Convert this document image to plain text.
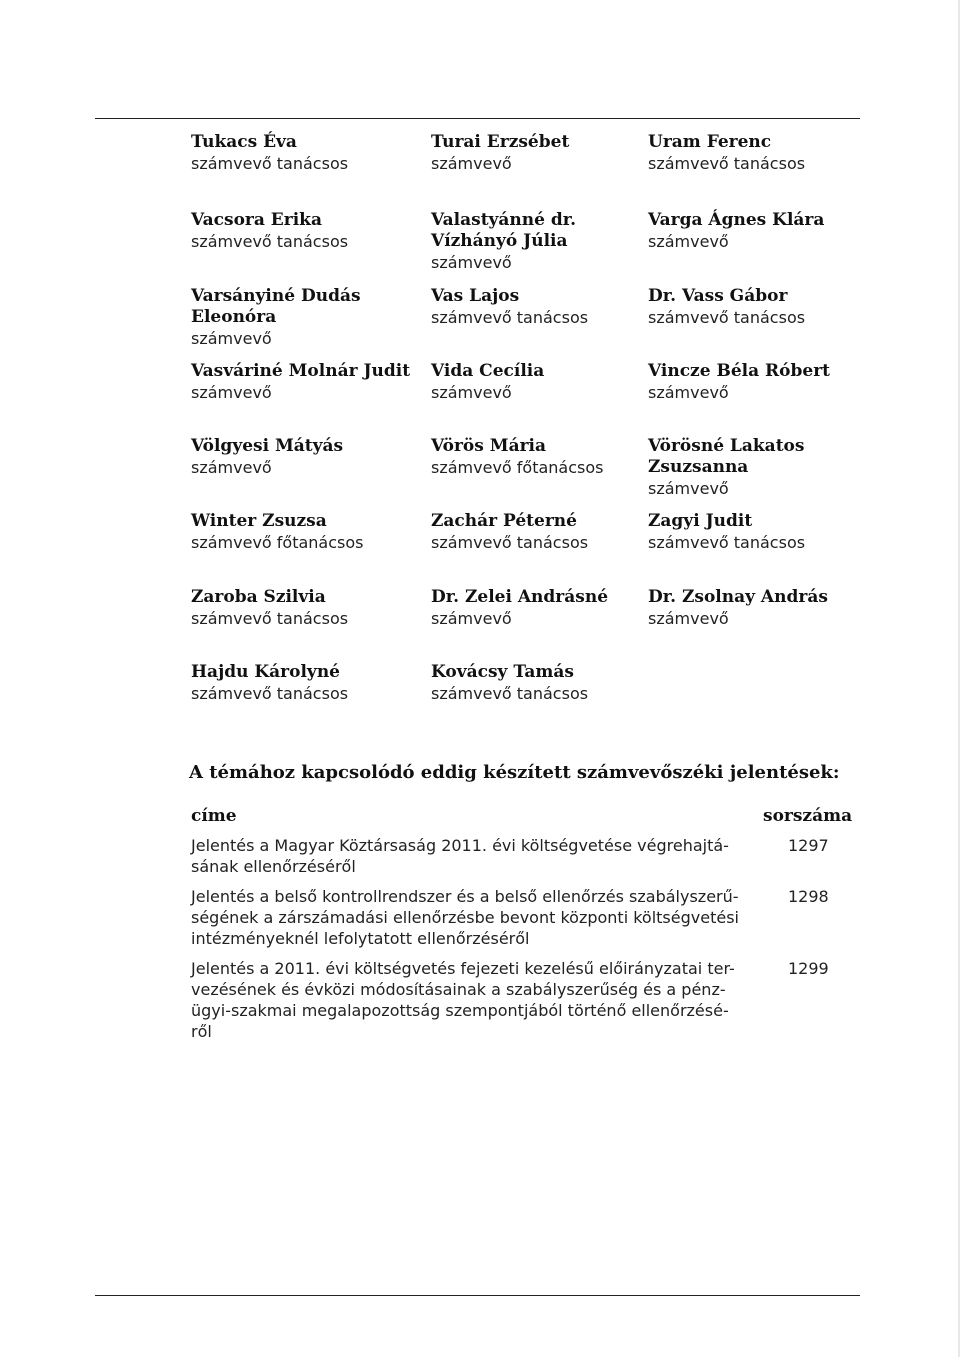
Tukacs Éva
számvevő tanácsos
Turai Erzsébet
számvevő
Uram Ferenc
számvevő tanácsos
Vacsora Erika
számvevő tanácsos
Valastyánné dr.
Vízhányó Júlia
számvevő
Varga Ágnes Klára
számvevő
Varsányiné Dudás
Eleonóra
számvevő
Vas Lajos
számvevő tanácsos
Dr. Vass Gábor
számvevő tanácsos
Vasváriné Molnár Judit
számvevő
Vida Cecília
számvevő
Vincze Béla Róbert
számvevő
Völgyesi Mátyás
számvevő
Vörös Mária
számvevő főtanácsos
Vörösné Lakatos
Zsuzsanna
számvevő
Winter Zsuzsa
számvevő főtanácsos
Zachár Péterné
számvevő tanácsos
Zagyi Judit
számvevő tanácsos
Zaroba Szilvia
számvevő tanácsos
Dr. Zelei Andrásné
számvevő
Dr. Zsolnay András
számvevő
Hajdu Károlyné
számvevő tanácsos
Kovácsy Tamás
számvevő tanácsos
A témához kapcsolódó eddig készített számvevőszéki jelentések:
címe	sorszáma
Jelentés a Magyar Köztársaság 2011. évi költségvetése végrehajtá-
sának ellenőrzéséről
1297
Jelentés a belső kontrollrendszer és a belső ellenőrzés szabályszerű-
ségének a zárszámadási ellenőrzésbe bevont központi költségvetési
intézményeknél lefolytatott ellenőrzéséről
1298
Jelentés a 2011. évi költségvetés fejezeti kezelésű előirányzatai ter-
vezésének és évközi módosításainak a szabályszerűség és a pénz-
ügyi-szakmai megalapozottság szempontjából történő ellenőrzésé-
ről
1299
